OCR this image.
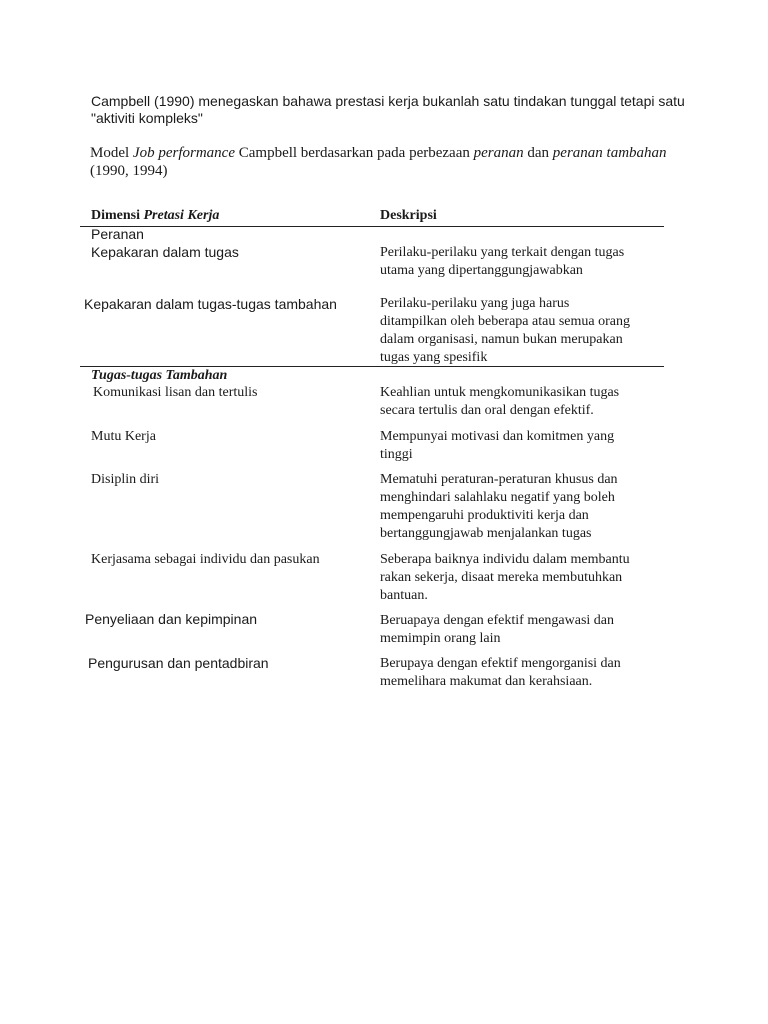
Campbell (1990) menegaskan bahawa prestasi kerja bukanlah satu tindakan tunggal tetapi satu
"aktiviti kompleks"
Model Job performance Campbell berdasarkan pada perbezaan peranan dan peranan tambahan
(1990, 1994)
Dimensi Pretasi Kerja	Deskripsi
Peranan
Kepakaran dalam tugas	Perilaku-perilaku yang terkait dengan tugas
utama yang dipertanggungjawabkan
Kepakaran dalam tugas-tugas tambahan	Perilaku-perilaku yang juga harus
ditampilkan oleh beberapa atau semua orang
dalam organisasi, namun bukan merupakan
tugas yang spesifik
Tugas-tugas Tambahan
Komunikasi lisan dan tertulis	Keahlian untuk mengkomunikasikan tugas
secara tertulis dan oral dengan efektif.
Mutu Kerja	Mempunyai motivasi dan komitmen yang
tinggi
Disiplin diri	Mematuhi peraturan-peraturan khusus dan
menghindari salahlaku negatif yang boleh
mempengaruhi produktiviti kerja dan
bertanggungjawab menjalankan tugas
Kerjasama sebagai individu dan pasukan	Seberapa baiknya individu dalam membantu
rakan sekerja, disaat mereka membutuhkan
bantuan.
Penyeliaan dan kepimpinan	Beruapaya dengan efektif mengawasi dan
memimpin orang lain
Pengurusan dan pentadbiran	Berupaya dengan efektif mengorganisi dan
memelihara makumat dan kerahsiaan.
